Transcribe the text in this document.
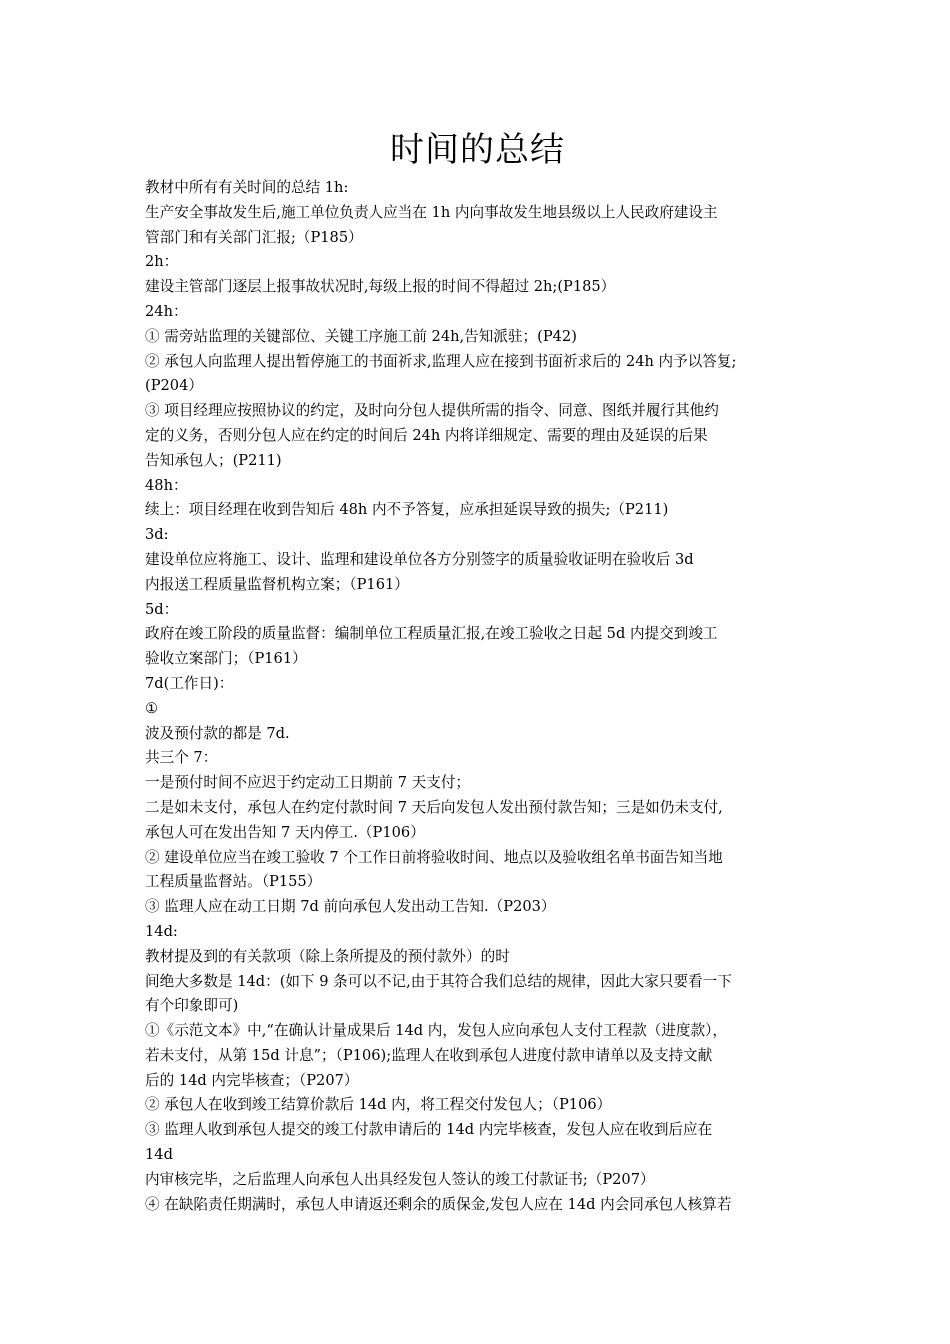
时间的总结
教材中所有有关时间的总结 1h:
生产安全事故发生后,施工单位负责人应当在 1h 内向事故发生地县级以上人民政府建设主
管部门和有关部门汇报;（P185）
2h：
建设主管部门逐层上报事故状况时,每级上报的时间不得超过 2h;(P185）
24h：
① 需旁站监理的关键部位、关键工序施工前 24h,告知派驻；(P42)
② 承包人向监理人提出暂停施工的书面祈求,监理人应在接到书面祈求后的 24h 内予以答复;
(P204）
③ 项目经理应按照协议的约定，及时向分包人提供所需的指令、同意、图纸并履行其他约
定的义务，否则分包人应在约定的时间后 24h 内将详细规定、需要的理由及延误的后果
告知承包人；(P211)
48h：
续上：项目经理在收到告知后 48h 内不予答复，应承担延误导致的损失;（P211)
3d:
建设单位应将施工、设计、监理和建设单位各方分别签字的质量验收证明在验收后 3d
内报送工程质量监督机构立案；（P161）
5d：
政府在竣工阶段的质量监督：编制单位工程质量汇报,在竣工验收之日起 5d 内提交到竣工
验收立案部门；（P161）
7d(工作日)：
①
波及预付款的都是 7d.
共三个 7：
一是预付时间不应迟于约定动工日期前 7 天支付；
二是如未支付，承包人在约定付款时间 7 天后向发包人发出预付款告知；三是如仍未支付,
承包人可在发出告知 7 天内停工.（P106）
② 建设单位应当在竣工验收 7 个工作日前将验收时间、地点以及验收组名单书面告知当地
工程质量监督站。（P155）
③ 监理人应在动工日期 7d 前向承包人发出动工告知.（P203）
14d:
教材提及到的有关款项（除上条所提及的预付款外）的时
间绝大多数是 14d：(如下 9 条可以不记,由于其符合我们总结的规律，因此大家只要看一下
有个印象即可)
①《示范文本》中,“在确认计量成果后 14d 内，发包人应向承包人支付工程款（进度款），
若未支付，从第 15d 计息”；（P106);监理人在收到承包人进度付款申请单以及支持文献
后的 14d 内完毕核查；（P207）
② 承包人在收到竣工结算价款后 14d 内，将工程交付发包人；（P106）
③ 监理人收到承包人提交的竣工付款申请后的 14d 内完毕核查，发包人应在收到后应在
14d
内审核完毕，之后监理人向承包人出具经发包人签认的竣工付款证书;（P207）
④ 在缺陷责任期满时，承包人申请返还剩余的质保金,发包人应在 14d 内会同承包人核算若
